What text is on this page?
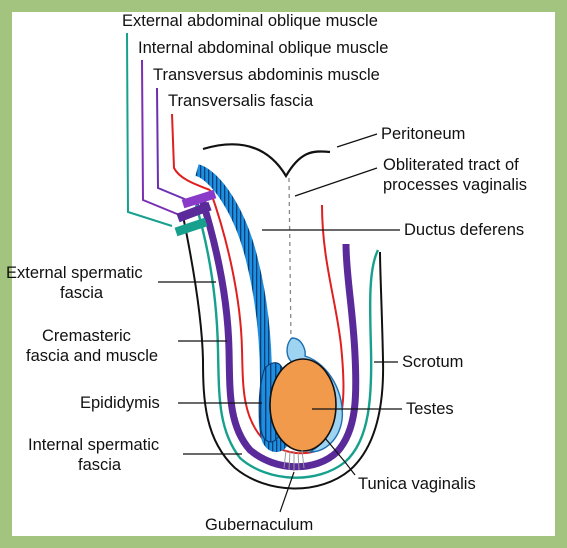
External abdominal oblique muscle
Internal abdominal oblique muscle
Transversus abdominis muscle
Transversalis fascia
Peritoneum
Obliterated tract of
processes vaginalis
Ductus deferens
External spermatic
fascia
Cremasteric
fascia and muscle	Scrotum
Epididymis	Testes
Internal spermatic
fascia
Tunica vaginalis
Gubernaculum
